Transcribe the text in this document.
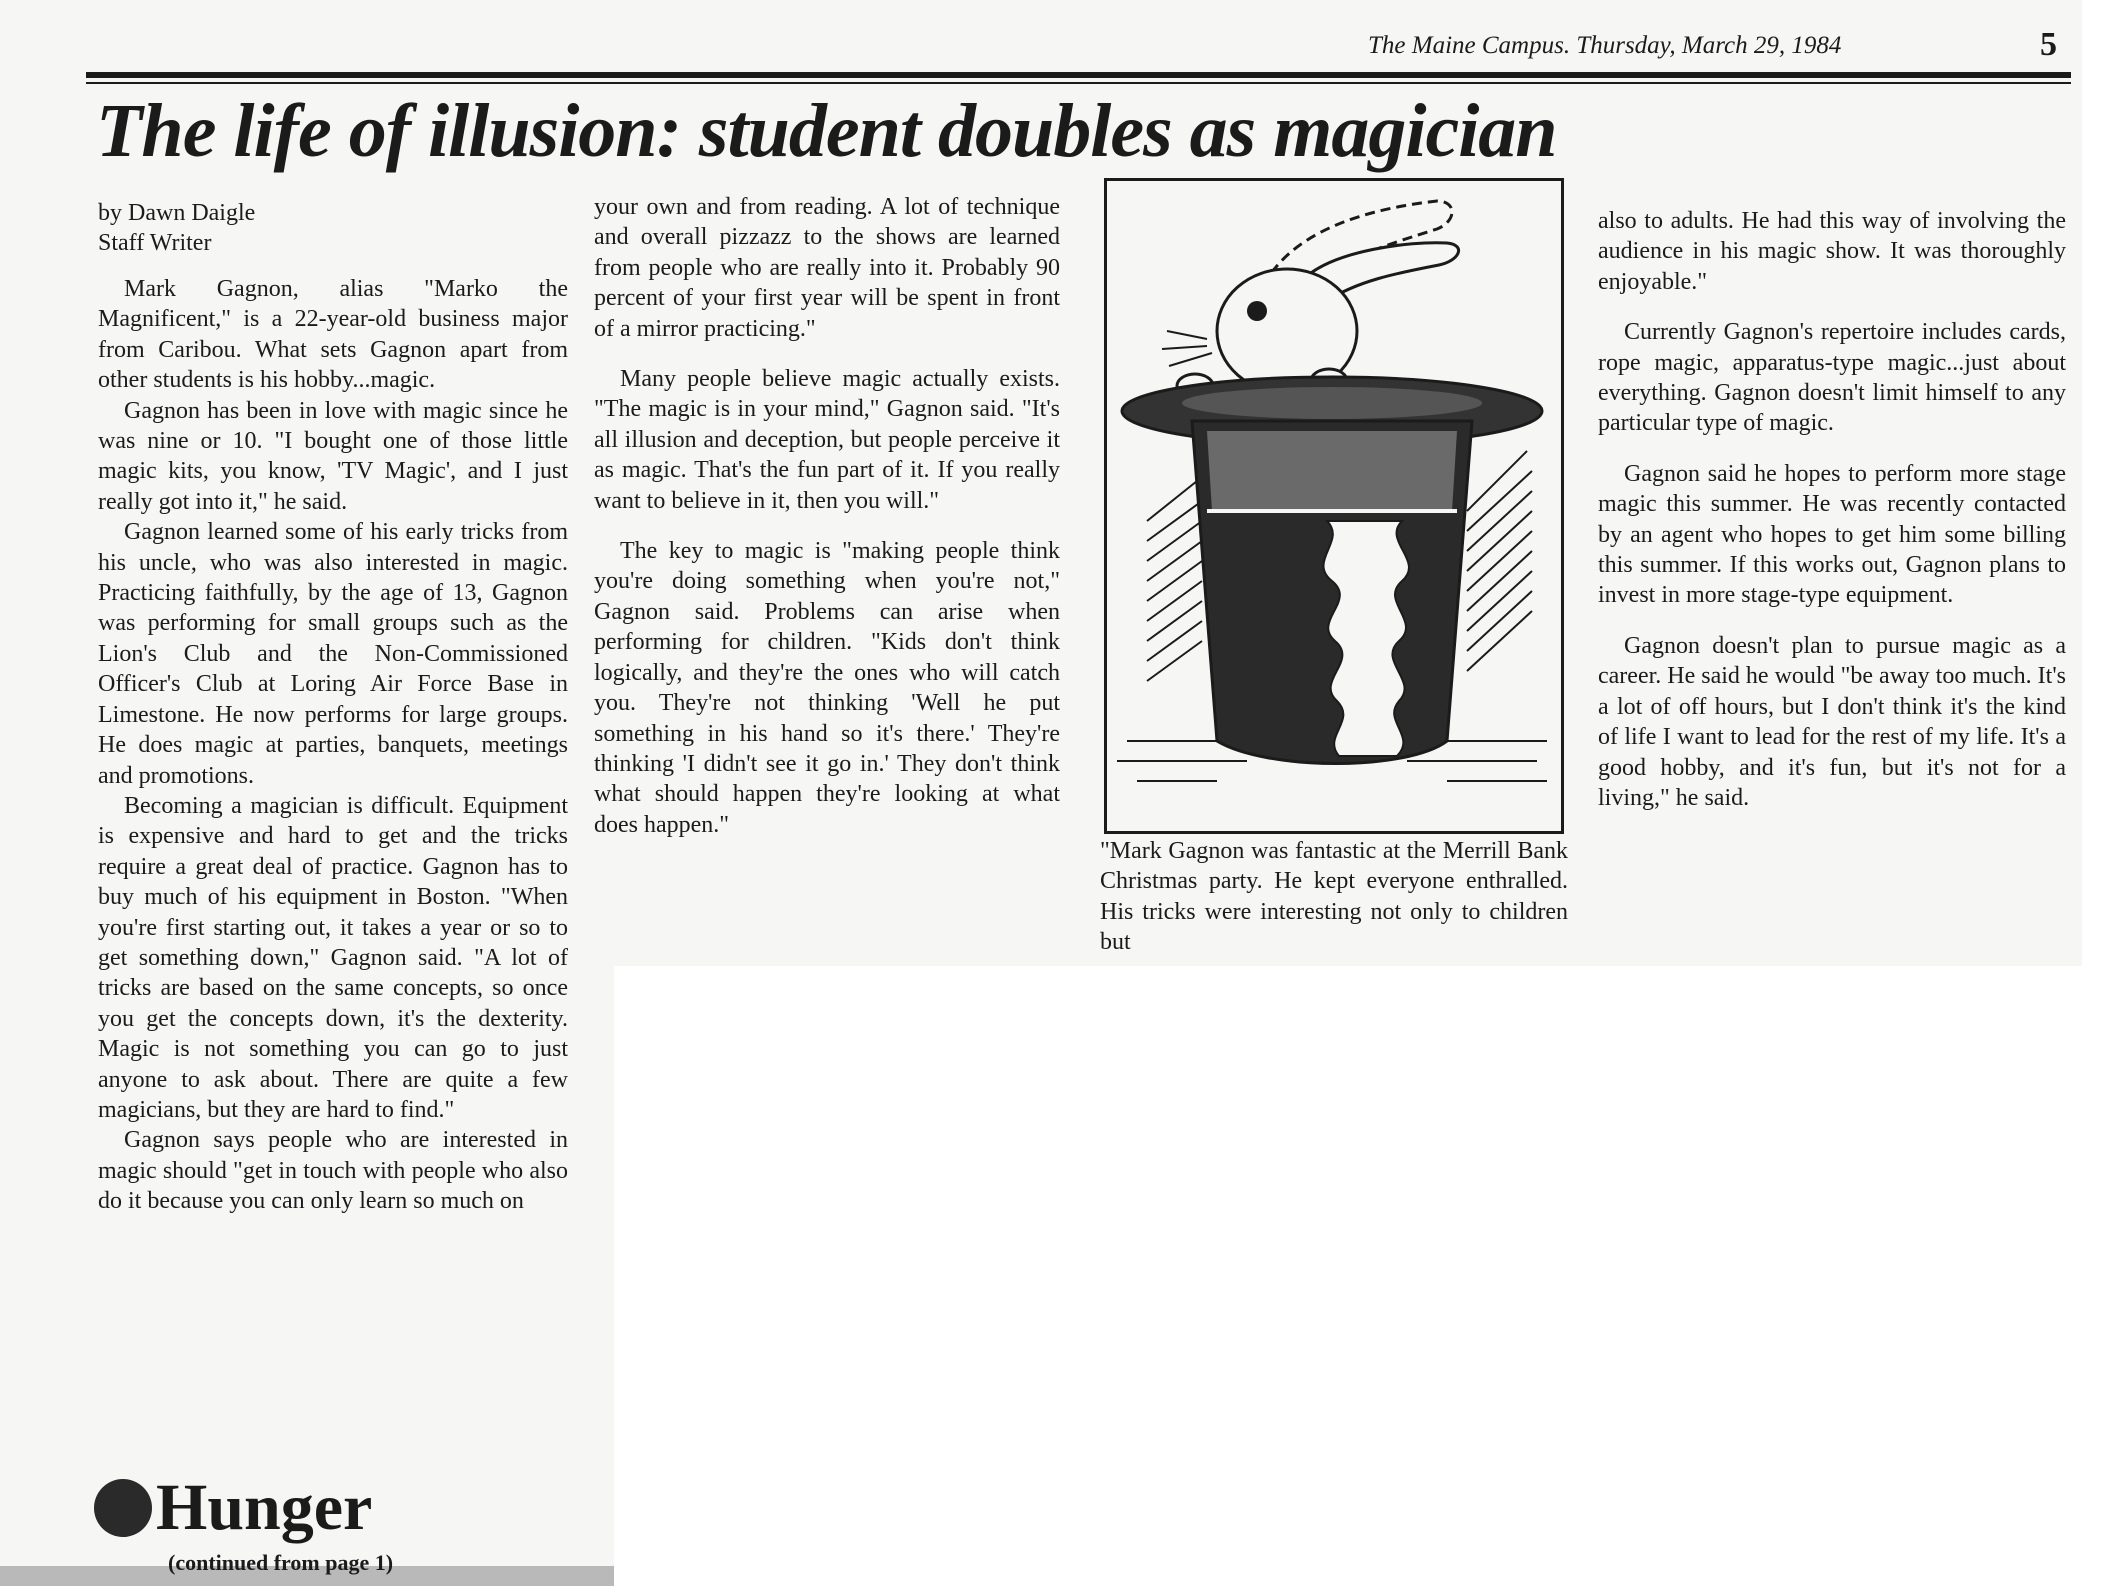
The Maine Campus. Thursday, March 29, 1984	5
The life of illusion: student doubles as magician
by Dawn Daigle
Staff Writer

Mark Gagnon, alias "Marko the Magnificent," is a 22-year-old business major from Caribou. What sets Gagnon apart from other students is his hobby...magic.

Gagnon has been in love with magic since he was nine or 10. "I bought one of those little magic kits, you know, 'TV Magic', and I just really got into it," he said.

Gagnon learned some of his early tricks from his uncle, who was also interested in magic. Practicing faithfully, by the age of 13, Gagnon was performing for small groups such as the Lion's Club and the Non-Commissioned Officer's Club at Loring Air Force Base in Limestone. He now performs for large groups. He does magic at parties, banquets, meetings and promotions.

Becoming a magician is difficult. Equipment is expensive and hard to get and the tricks require a great deal of practice. Gagnon has to buy much of his equipment in Boston. "When you're first starting out, it takes a year or so to get something down," Gagnon said. "A lot of tricks are based on the same concepts, so once you get the concepts down, it's the dexterity. Magic is not something you can go to just anyone to ask about. There are quite a few magicians, but they are hard to find."

Gagnon says people who are interested in magic should "get in touch with people who also do it because you can only learn so much on

your own and from reading. A lot of technique and overall pizzazz to the shows are learned from people who are really into it. Probably 90 percent of your first year will be spent in front of a mirror practicing."

Many people believe magic actually exists. "The magic is in your mind," Gagnon said. "It's all illusion and deception, but people perceive it as magic. That's the fun part of it. If you really want to believe in it, then you will."

The key to magic is "making people think you're doing something when you're not," Gagnon said. Problems can arise when performing for children. "Kids don't think logically, and they're the ones who will catch you. They're not thinking 'Well he put something in his hand so it's there.' They're thinking 'I didn't see it go in.' They don't think what should happen they're looking at what does happen."

"Mark Gagnon was fantastic at the Merrill Bank Christmas party. He kept everyone enthralled. His tricks were interesting not only to children but

also to adults. He had this way of involving the audience in his magic show. It was thoroughly enjoyable."

Currently Gagnon's repertoire includes cards, rope magic, apparatus-type magic...just about everything. Gagnon doesn't limit himself to any particular type of magic.

Gagnon said he hopes to perform more stage magic this summer. He was recently contacted by an agent who hopes to get him some billing this summer. If this works out, Gagnon plans to invest in more stage-type equipment.

Gagnon doesn't plan to pursue magic as a career. He said he would "be away too much. It's a lot of off hours, but I don't think it's the kind of life I want to lead for the rest of my life. It's a good hobby, and it's fun, but it's not for a living," he said.

Hunger
(continued from page 1)
